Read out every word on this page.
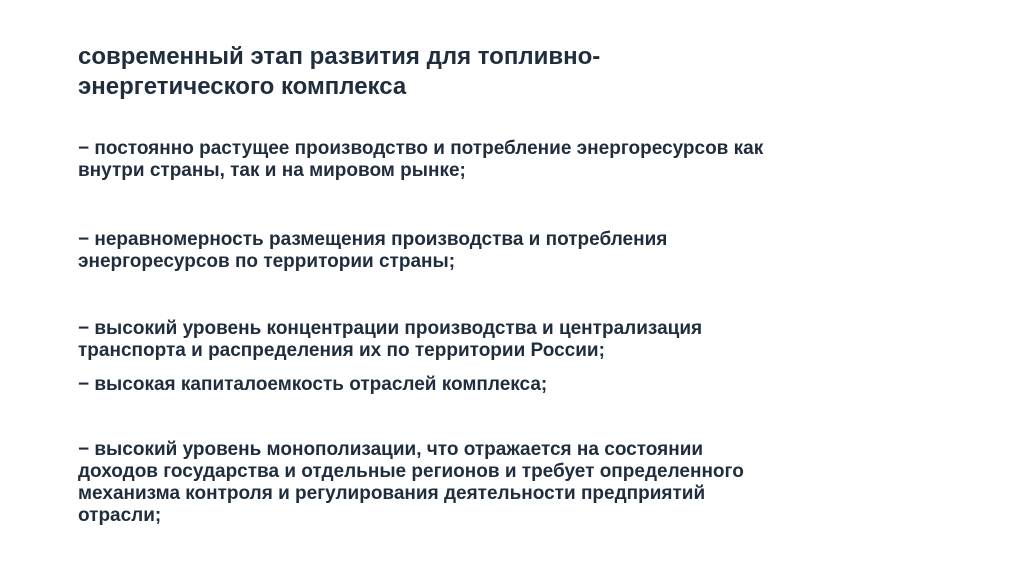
современный этап развития для топливно-
энергетического комплекса
− постоянно растущее производство и потребление энергоресурсов как
внутри страны, так и на мировом рынке;
− неравномерность размещения производства и потребления
энергоресурсов по территории страны;
− высокий уровень концентрации производства и централизация
транспорта и распределения их по территории России;
− высокая капиталоемкость отраслей комплекса;
− высокий уровень монополизации, что отражается на состоянии
доходов государства и отдельные регионов и требует определенного
механизма контроля и регулирования деятельности предприятий
отрасли;
